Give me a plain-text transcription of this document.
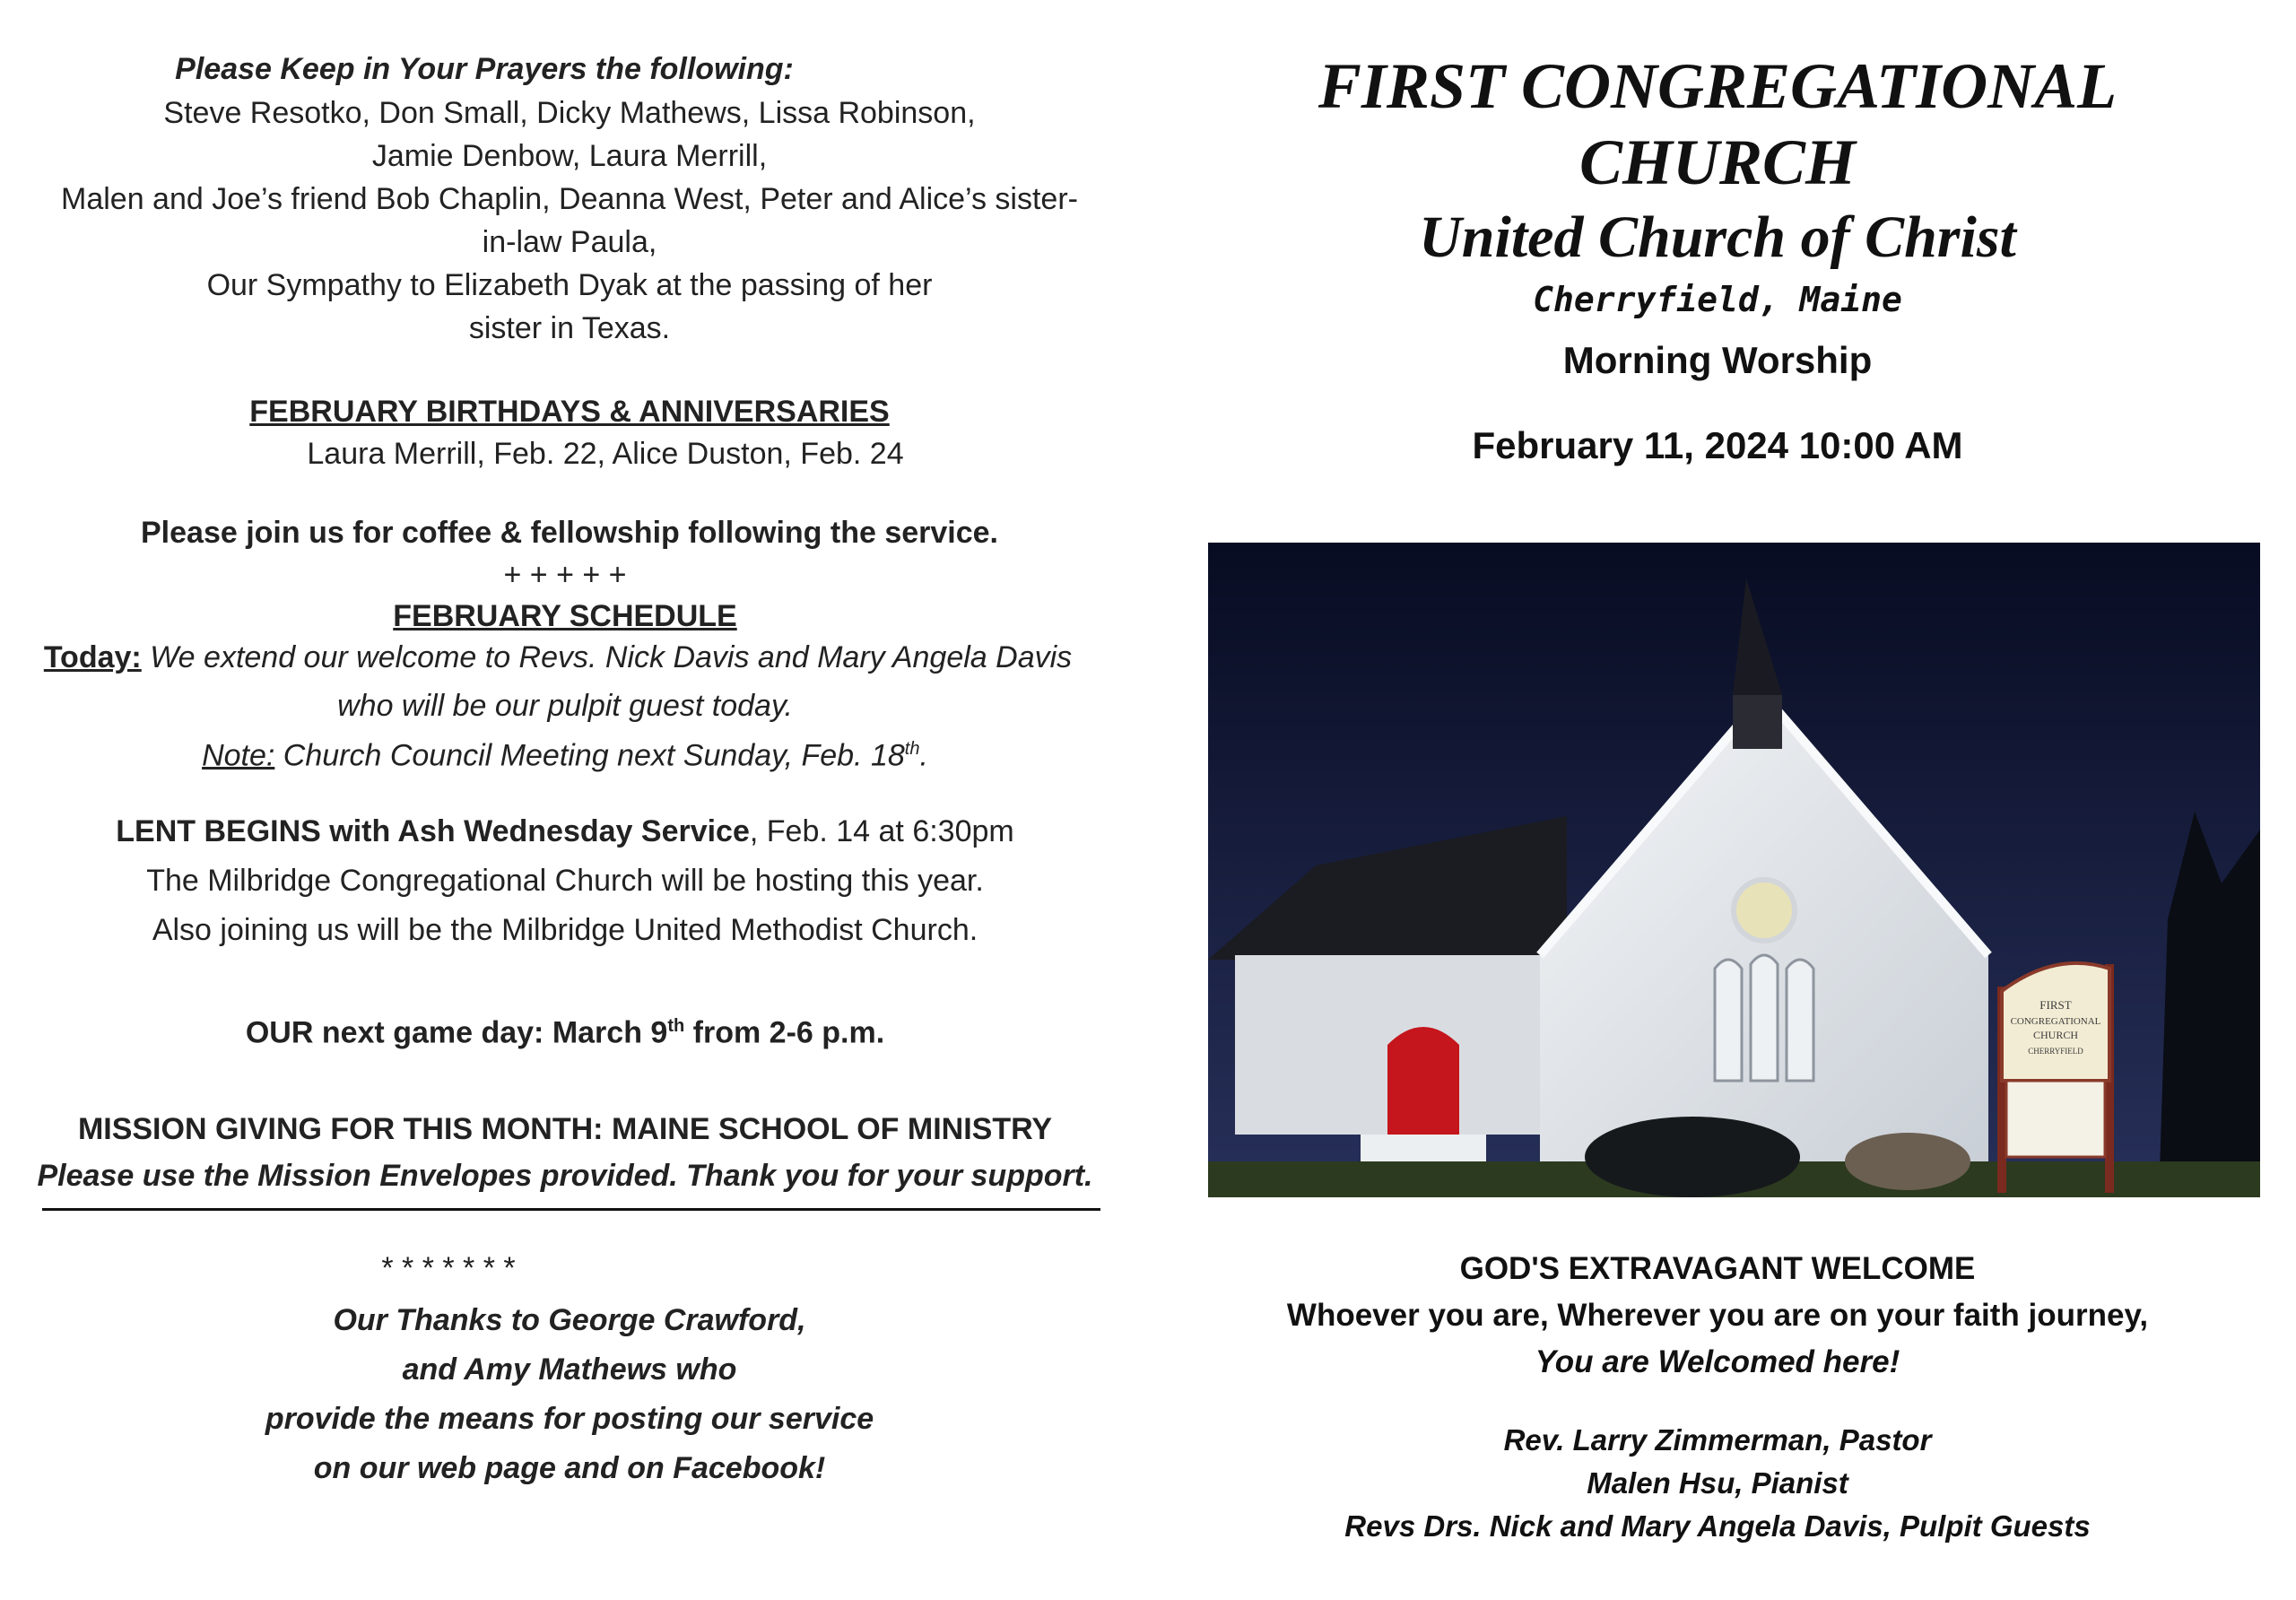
Please Keep in Your Prayers the following:
Steve Resotko, Don Small, Dicky Mathews, Lissa Robinson,
Jamie Denbow, Laura Merrill,
Malen and Joe’s friend Bob Chaplin, Deanna West, Peter and Alice’s sister-
in-law Paula,
Our Sympathy to Elizabeth Dyak at the passing of her
sister in Texas.
FEBRUARY BIRTHDAYS & ANNIVERSARIES
Laura Merrill, Feb. 22, Alice Duston, Feb. 24
Please join us for coffee & fellowship following the service.
+ + + + +
FEBRUARY SCHEDULE
Today: We extend our welcome to Revs. Nick Davis and Mary Angela Davis
who will be our pulpit guest today.
Note: Church Council Meeting next Sunday, Feb. 18th.
LENT BEGINS with Ash Wednesday Service, Feb. 14 at 6:30pm
The Milbridge Congregational Church will be hosting this year.
Also joining us will be the Milbridge United Methodist Church.
OUR next game day: March 9th from 2-6 p.m.
MISSION GIVING FOR THIS MONTH: MAINE SCHOOL OF MINISTRY
Please use the Mission Envelopes provided. Thank you for your support.
* * * * * * *
Our Thanks to George Crawford,
and Amy Mathews who
provide the means for posting our service
on our web page and on Facebook!
FIRST CONGREGATIONAL
CHURCH
United Church of Christ
Cherryfield, Maine
Morning Worship
February 11, 2024 10:00 AM
GOD'S EXTRAVAGANT WELCOME
Whoever you are, Wherever you are on your faith journey,
You are Welcomed here!
Rev. Larry Zimmerman, Pastor
Malen Hsu, Pianist
Revs Drs. Nick and Mary Angela Davis, Pulpit Guests
FIRST
CONGREGATIONAL
CHURCH
CHERRYFIELD
